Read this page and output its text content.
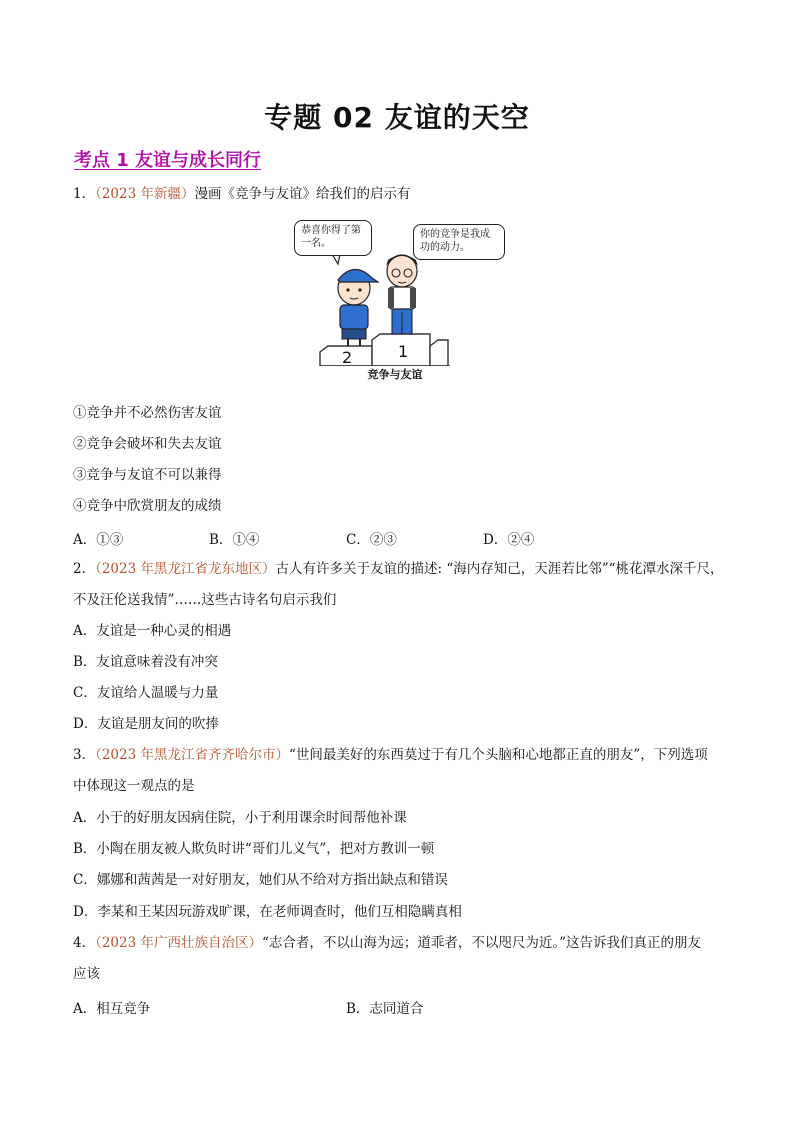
专题 02 友谊的天空
考点 1 友谊与成长同行
1．（2023 年新疆）漫画《竞争与友谊》给我们的启示有
恭喜你得了第一名。
你的竞争是我成功的动力。
2	1
竞争与友谊
①竞争并不必然伤害友谊
②竞争会破坏和失去友谊
③竞争与友谊不可以兼得
④竞争中欣赏朋友的成绩
A．①③	B．①④	C．②③	D．②④
2．（2023 年黑龙江省龙东地区）古人有许多关于友谊的描述: “海内存知己，天涯若比邻”“桃花潭水深千尺，
不及汪伦送我情”……这些古诗名句启示我们
A．友谊是一种心灵的相遇
B．友谊意味着没有冲突
C．友谊给人温暖与力量
D．友谊是朋友间的吹捧
3．（2023 年黑龙江省齐齐哈尔市）“世间最美好的东西莫过于有几个头脑和心地都正直的朋友”，下列选项
中体现这一观点的是
A．小于的好朋友因病住院，小于利用课余时间帮他补课
B．小陶在朋友被人欺负时讲“哥们儿义气”，把对方教训一顿
C．娜娜和茜茜是一对好朋友，她们从不给对方指出缺点和错误
D．李某和王某因玩游戏旷课，在老师调查时，他们互相隐瞒真相
4．（2023 年广西壮族自治区）“志合者，不以山海为远；道乖者，不以咫尺为近。”这告诉我们真正的朋友
应该
A．相互竞争	B．志同道合
